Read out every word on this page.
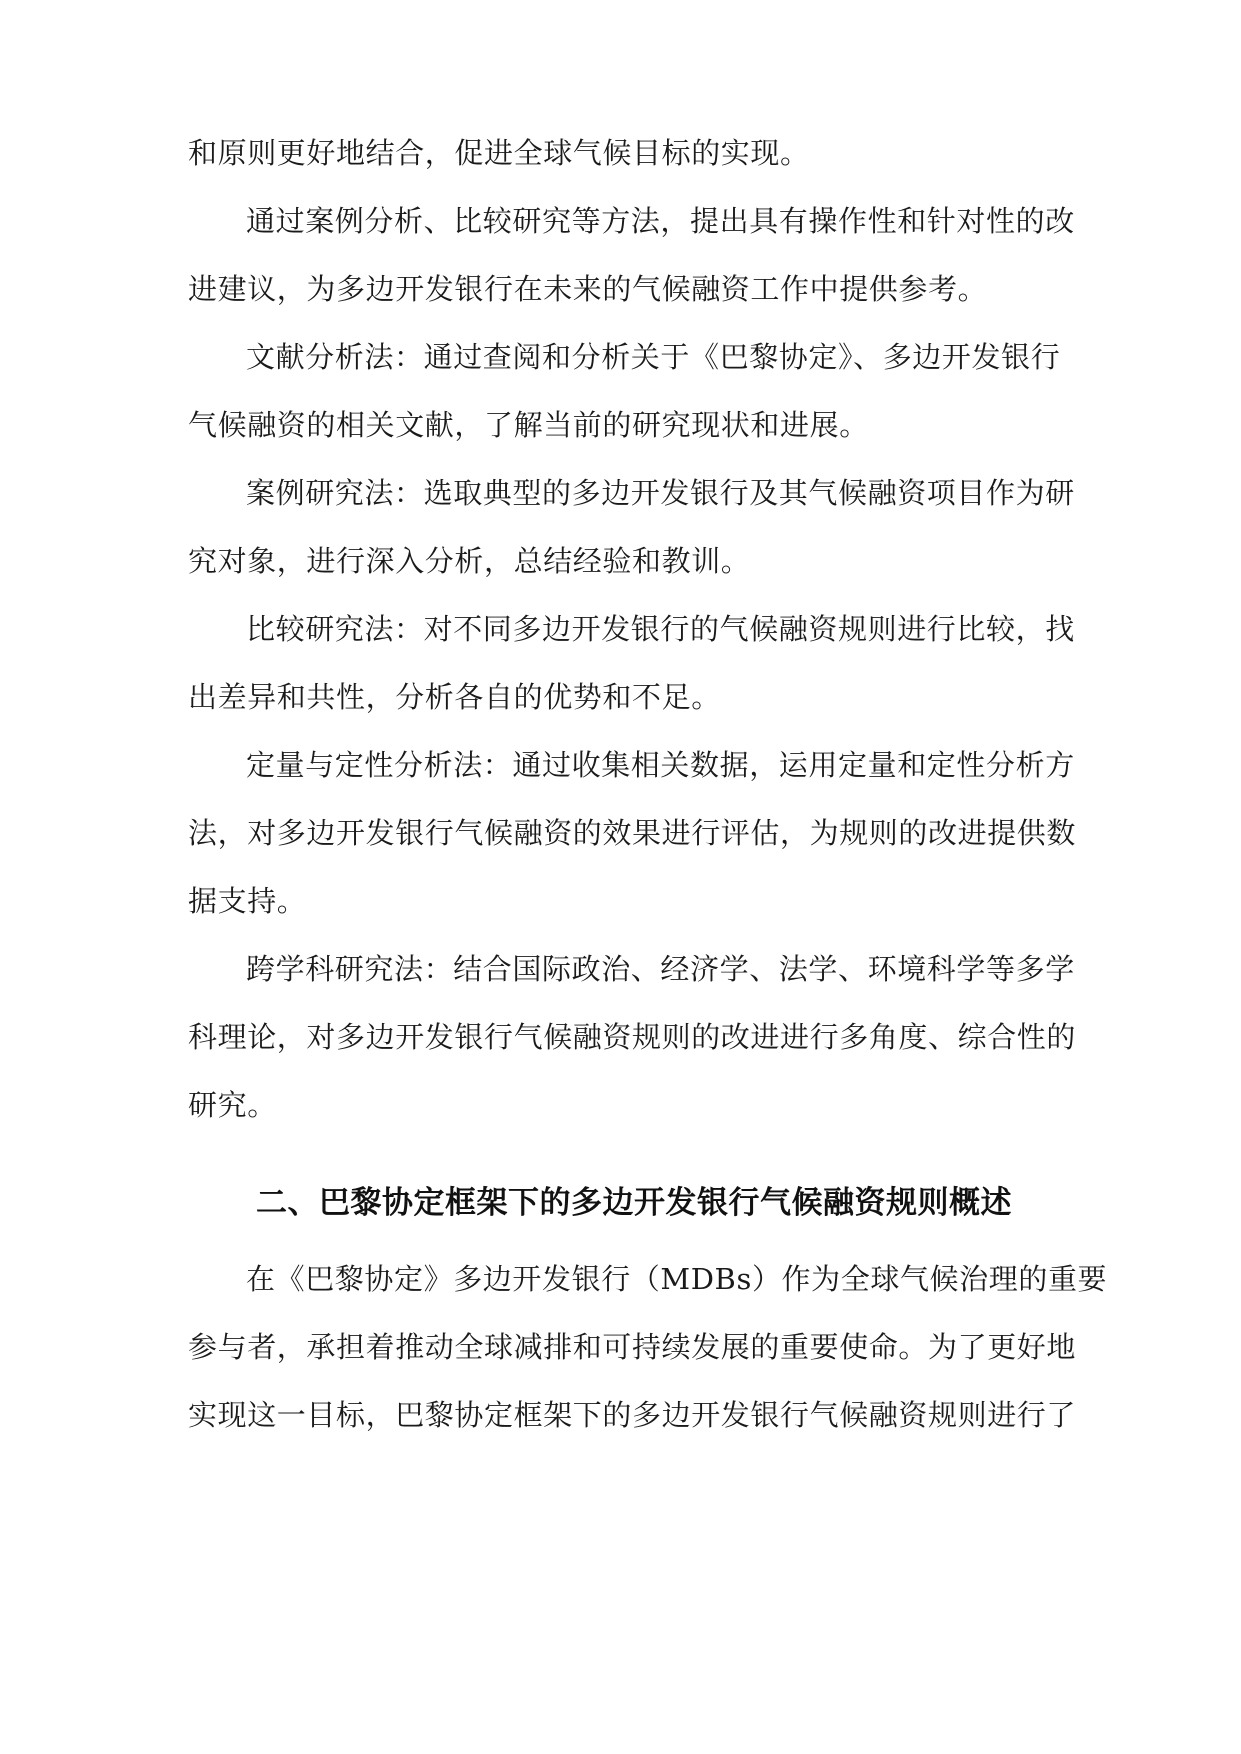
和原则更好地结合，促进全球气候目标的实现。
通过案例分析、比较研究等方法，提出具有操作性和针对性的改
进建议，为多边开发银行在未来的气候融资工作中提供参考。
文献分析法：通过查阅和分析关于《巴黎协定》、多边开发银行
气候融资的相关文献，了解当前的研究现状和进展。
案例研究法：选取典型的多边开发银行及其气候融资项目作为研
究对象，进行深入分析，总结经验和教训。
比较研究法：对不同多边开发银行的气候融资规则进行比较，找
出差异和共性，分析各自的优势和不足。
定量与定性分析法：通过收集相关数据，运用定量和定性分析方
法，对多边开发银行气候融资的效果进行评估，为规则的改进提供数
据支持。
跨学科研究法：结合国际政治、经济学、法学、环境科学等多学
科理论，对多边开发银行气候融资规则的改进进行多角度、综合性的
研究。
二、巴黎协定框架下的多边开发银行气候融资规则概述
在《巴黎协定》多边开发银行（MDBs）作为全球气候治理的重要
参与者，承担着推动全球减排和可持续发展的重要使命。为了更好地
实现这一目标，巴黎协定框架下的多边开发银行气候融资规则进行了
